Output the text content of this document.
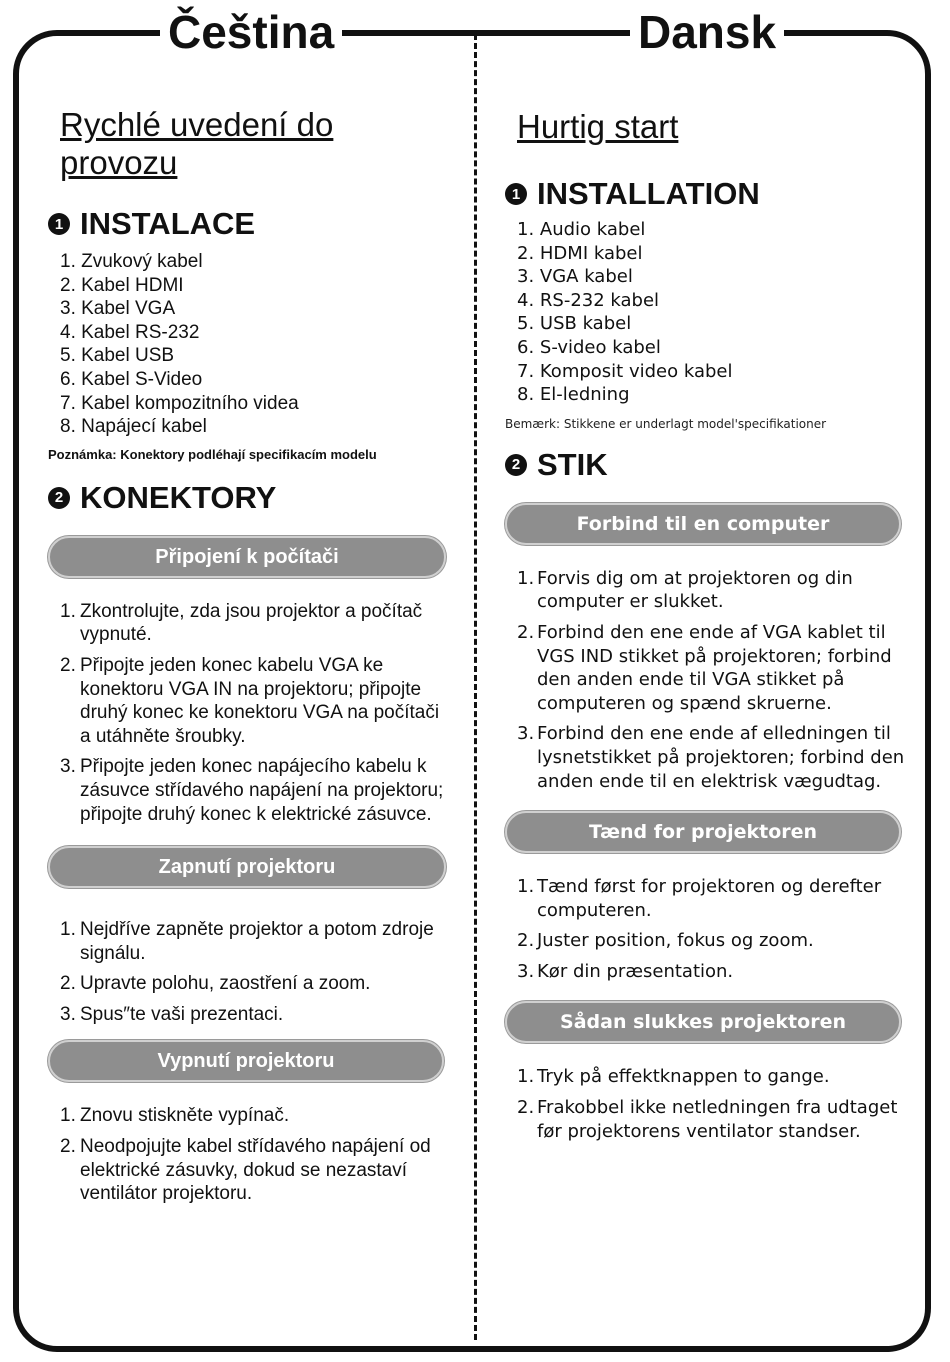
Čeština	Dansk

Rychlé uvedení do
provozu

1 INSTALACE
1. Zvukový kabel
2. Kabel HDMI
3. Kabel VGA
4. Kabel RS-232
5. Kabel USB
6. Kabel S-Video
7. Kabel kompozitního videa
8. Napájecí kabel

Poznámka: Konektory podléhají specifikacím modelu

2 KONEKTORY
Připojení k počítači
1. Zkontrolujte, zda jsou projektor a počítač vypnuté.
2. Připojte jeden konec kabelu VGA ke konektoru VGA IN na projektoru; připojte druhý konec ke konektoru VGA na počítači a utáhněte šroubky.
3. Připojte jeden konec napájecího kabelu k zásuvce střídavého napájení na projektoru; připojte druhý konec k elektrické zásuvce.
Zapnutí projektoru
1. Nejdříve zapněte projektor a potom zdroje signálu.
2. Upravte polohu, zaostření a zoom.
3. Spus″te vaši prezentaci.
Vypnutí projektoru
1. Znovu stiskněte vypínač.
2. Neodpojujte kabel střídavého napájení od elektrické zásuvky, dokud se nezastaví ventilátor projektoru.

Hurtig start

1 INSTALLATION
1. Audio kabel
2. HDMI kabel
3. VGA kabel
4. RS-232 kabel
5. USB kabel
6. S-video kabel
7. Komposit video kabel
8. El-ledning

Bemærk: Stikkene er underlagt model'specifikationer

2 STIK
Forbind til en computer
1. Forvis dig om at projektoren og din computer er slukket.
2. Forbind den ene ende af VGA kablet til VGS IND stikket på projektoren; forbind den anden ende til VGA stikket på computeren og spænd skruerne.
3. Forbind den ene ende af elledningen til lysnetstikket på projektoren; forbind den anden ende til en elektrisk vægudtag.
Tænd for projektoren
1. Tænd først for projektoren og derefter computeren.
2. Juster position, fokus og zoom.
3. Kør din præsentation.
Sådan slukkes projektoren
1. Tryk på effektknappen to gange.
2. Frakobbel ikke netledningen fra udtaget før projektorens ventilator standser.
